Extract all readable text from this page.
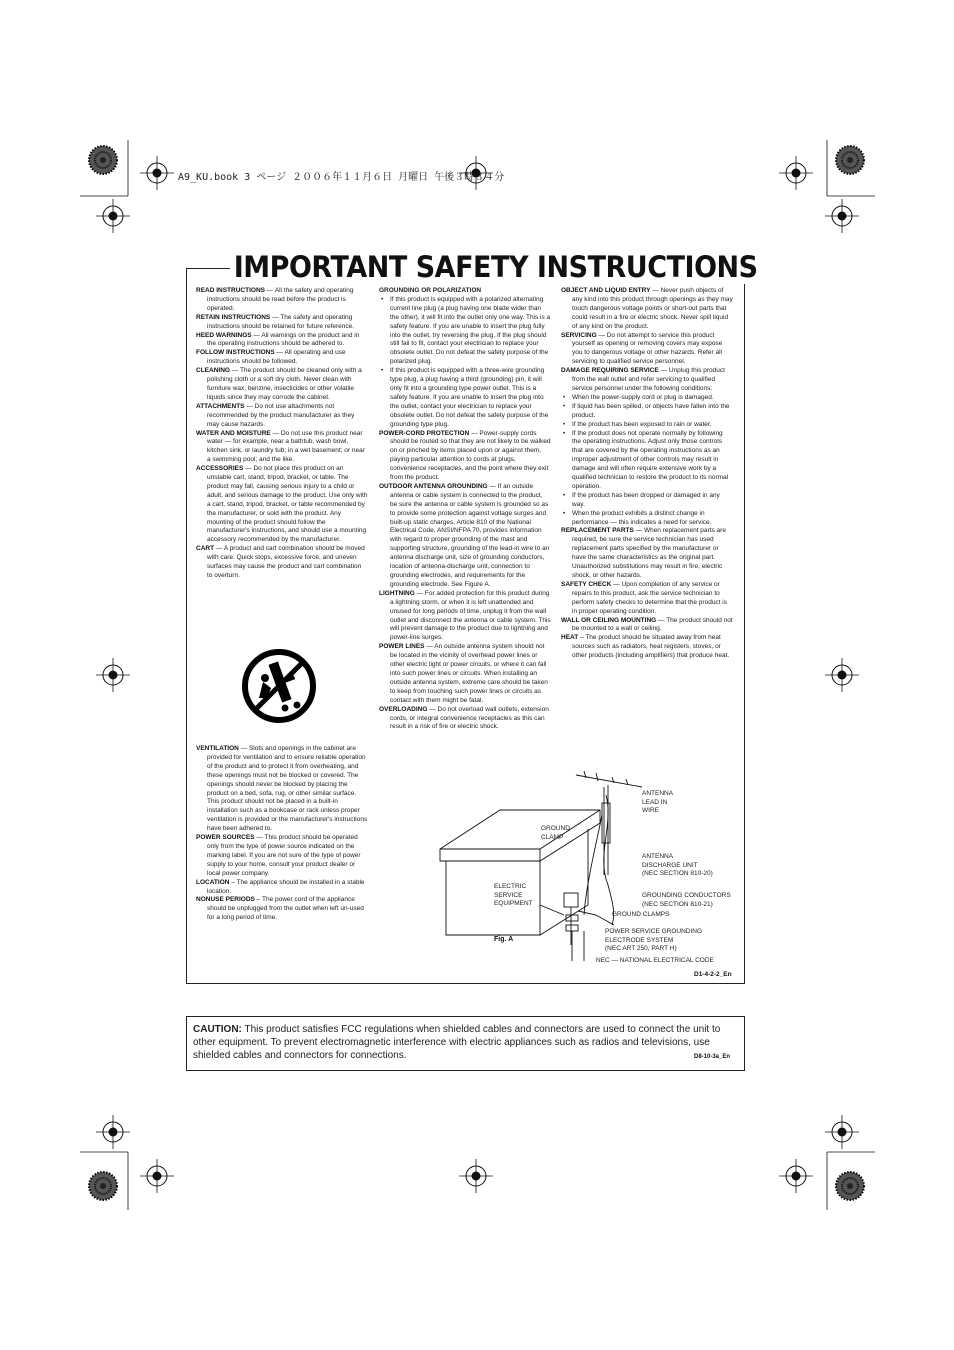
A9_KU.book 3 ページ ２００６年１１月６日 月曜日 午後３時３４分
IMPORTANT SAFETY INSTRUCTIONS

READ INSTRUCTIONS — All the safety and operating instructions should be read before the product is operated.

RETAIN INSTRUCTIONS — The safety and operating instructions should be retained for future reference.

HEED WARNINGS — All warnings on the product and in the operating instructions should be adhered to.

FOLLOW INSTRUCTIONS — All operating and use instructions should be followed.

CLEANING — The product should be cleaned only with a polishing cloth or a soft dry cloth. Never clean with furniture wax, benzine, insecticides or other volatile liquids since they may corrode the cabinet.

ATTACHMENTS — Do not use attachments not recommended by the product manufacturer as they may cause hazards.

WATER AND MOISTURE — Do not use this product near water — for example, near a bathtub, wash bowl, kitchen sink, or laundry tub; in a wet basement; or near a swimming pool; and the like.

ACCESSORIES — Do not place this product on an unstable cart, stand, tripod, bracket, or table. The product may fall, causing serious injury to a child or adult, and serious damage to the product. Use only with a cart, stand, tripod, bracket, or table recommended by the manufacturer, or sold with the product. Any mounting of the product should follow the manufacturer's instructions, and should use a mounting accessory recommended by the manufacturer.

CART — A product and cart combination should be moved with care. Quick stops, excessive force, and uneven surfaces may cause the product and cart combination to overturn.

VENTILATION — Slots and openings in the cabinet are provided for ventilation and to ensure reliable operation of the product and to protect it from overheating, and these openings must not be blocked or covered. The openings should never be blocked by placing the product on a bed, sofa, rug, or other similar surface. This product should not be placed in a built-in installation such as a bookcase or rack unless proper ventilation is provided or the manufacturer's instructions have been adhered to.

POWER SOURCES — This product should be operated only from the type of power source indicated on the marking label. If you are not sure of the type of power supply to your home, consult your product dealer or local power company.

LOCATION – The appliance should be installed in a stable location.

NONUSE PERIODS – The power cord of the appliance should be unplugged from the outlet when left un-used for a long period of time.

GROUNDING OR POLARIZATION

• If this product is equipped with a polarized alternating current line plug (a plug having one blade wider than the other), it will fit into the outlet only one way. This is a safety feature. If you are unable to insert the plug fully into the outlet, try reversing the plug. If the plug should still fail to fit, contact your electrician to replace your obsolete outlet. Do not defeat the safety purpose of the polarized plug.
• If this product is equipped with a three-wire grounding type plug, a plug having a third (grounding) pin, it will only fit into a grounding type power outlet. This is a safety feature. If you are unable to insert the plug into the outlet, contact your electrician to replace your obsolete outlet. Do not defeat the safety purpose of the grounding type plug.

POWER-CORD PROTECTION — Power-supply cords should be routed so that they are not likely to be walked on or pinched by items placed upon or against them, paying particular attention to cords at plugs, convenience receptacles, and the point where they exit from the product.

OUTDOOR ANTENNA GROUNDING — If an outside antenna or cable system is connected to the product, be sure the antenna or cable system is grounded so as to provide some protection against voltage surges and built-up static charges. Article 810 of the National Electrical Code, ANSI/NFPA 70, provides information with regard to proper grounding of the mast and supporting structure, grounding of the lead-in wire to an antenna discharge unit, size of grounding conductors, location of antenna-discharge unit, connection to grounding electrodes, and requirements for the grounding electrode. See Figure A.

LIGHTNING — For added protection for this product during a lightning storm, or when it is left unattended and unused for long periods of time, unplug it from the wall outlet and disconnect the antenna or cable system. This will prevent damage to the product due to lightning and power-line surges.

POWER LINES — An outside antenna system should not be located in the vicinity of overhead power lines or other electric light or power circuits, or where it can fall into such power lines or circuits. When installing an outside antenna system, extreme care should be taken to keep from touching such power lines or circuits as contact with them might be fatal.

OVERLOADING — Do not overload wall outlets, extension cords, or integral convenience receptacles as this can result in a risk of fire or electric shock.

OBJECT AND LIQUID ENTRY — Never push objects of any kind into this product through openings as they may touch dangerous voltage points or short-out parts that could result in a fire or electric shock. Never spill liquid of any kind on the product.

SERVICING — Do not attempt to service this product yourself as opening or removing covers may expose you to dangerous voltage or other hazards. Refer all servicing to qualified service personnel.

DAMAGE REQUIRING SERVICE — Unplug this product from the wall outlet and refer servicing to qualified service personnel under the following conditions:

• When the power-supply cord or plug is damaged.
• If liquid has been spilled, or objects have fallen into the product.
• If the product has been exposed to rain or water.
• If the product does not operate normally by following the operating instructions. Adjust only those controls that are covered by the operating instructions as an improper adjustment of other controls may result in damage and will often require extensive work by a qualified technician to restore the product to its normal operation.
• If the product has been dropped or damaged in any way.
• When the product exhibits a distinct change in performance — this indicates a need for service.

REPLACEMENT PARTS — When replacement parts are required, be sure the service technician has used replacement parts specified by the manufacturer or have the same characteristics as the original part. Unauthorized substitutions may result in fire, electric shock, or other hazards.

SAFETY CHECK — Upon completion of any service or repairs to this product, ask the service technician to perform safety checks to determine that the product is in proper operating condition.

WALL OR CEILING MOUNTING — The product should not be mounted to a wall or ceiling.

HEAT – The product should be situated away from heat sources such as radiators, heat registers, stoves, or other products (including amplifiers) that produce heat.

ANTENNA
LEAD IN
WIRE
GROUND
CLAMP
ANTENNA
DISCHARGE UNIT
(NEC SECTION 810-20)
ELECTRIC
SERVICE
EQUIPMENT
GROUNDING CONDUCTORS
(NEC SECTION 810-21)
GROUND CLAMPS
POWER SERVICE GROUNDING
ELECTRODE SYSTEM
(NEC ART 250, PART H)
Fig. A
NEC — NATIONAL ELECTRICAL CODE
D1-4-2-2_En
CAUTION: This product satisfies FCC regulations when shielded cables and connectors are used to connect the unit to other equipment. To prevent electromagnetic interference with electric appliances such as radios and televisions, use shielded cables and connectors for connections.	D8-10-3a_En
